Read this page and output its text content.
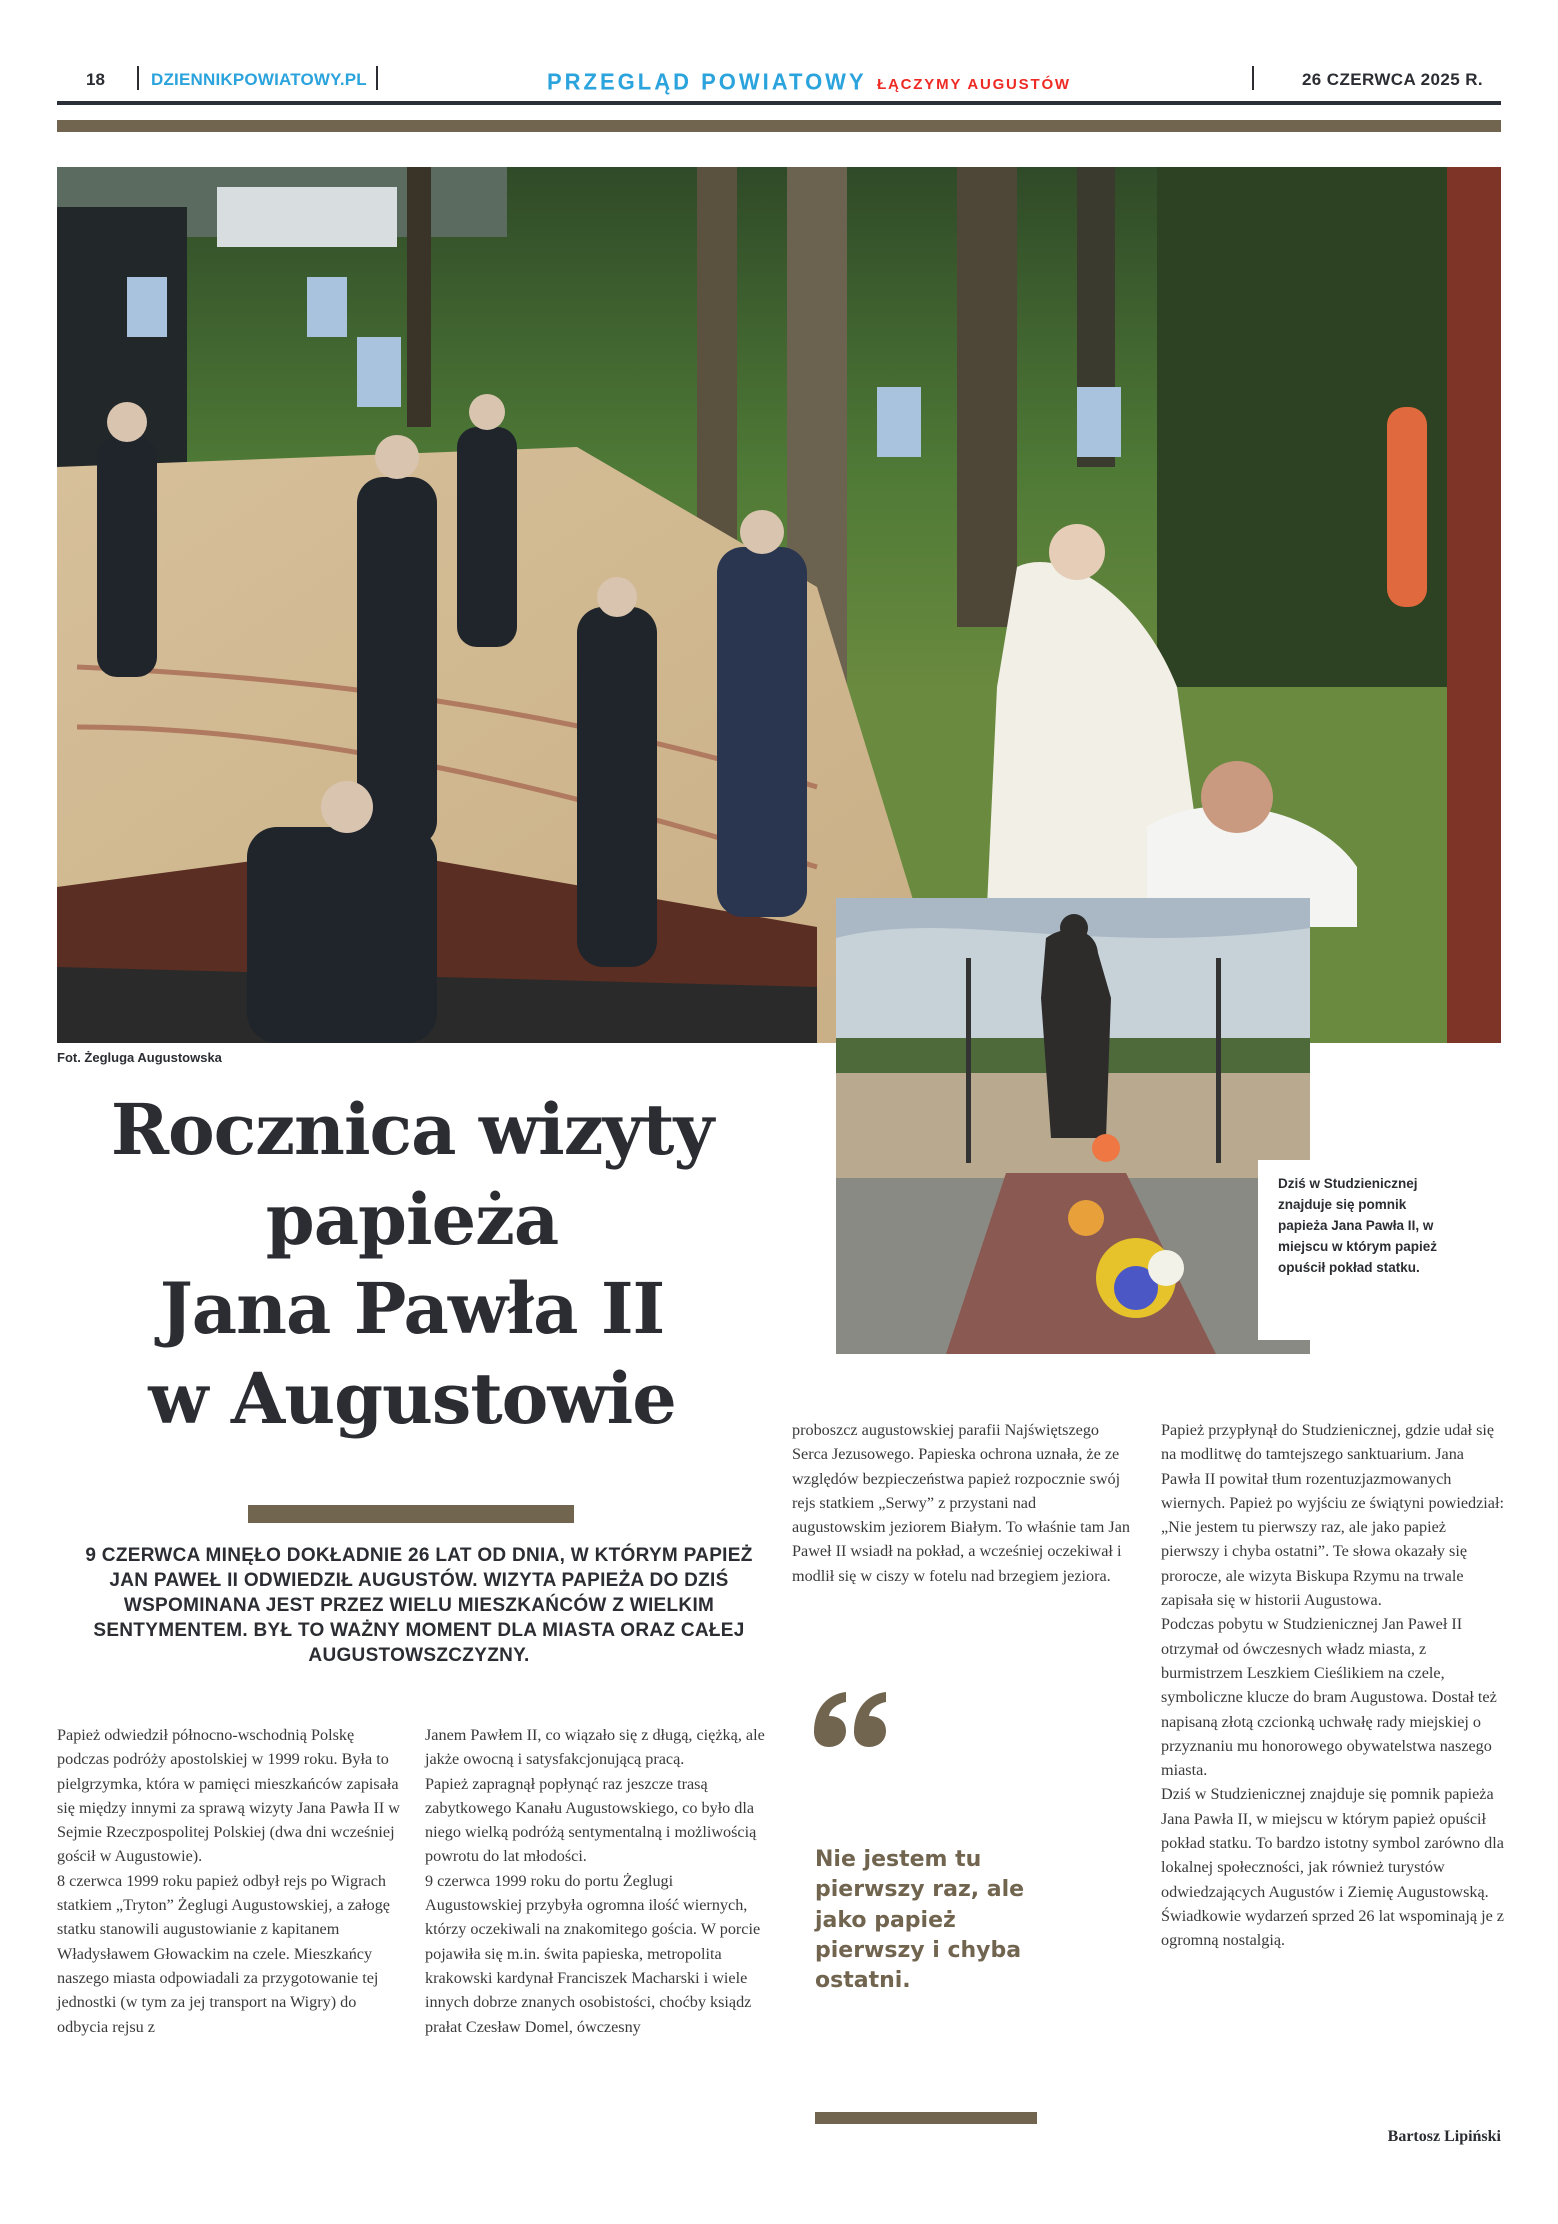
18	DZIENNIKPOWIATOWY.PL	PRZEGLĄD POWIATOWY ŁĄCZYMY AUGUSTÓW	26 CZERWCA 2025 R.
Fot. Żegluga Augustowska
Dziś w Studzienicznej znajduje się pomnik papieża Jana Pawła II, w miejscu w którym papież opuścił pokład statku.
Rocznica wizyty
papieża
Jana Pawła II
w Augustowie
9 CZERWCA MINĘŁO DOKŁADNIE 26 LAT OD DNIA, W KTÓRYM PAPIEŻ JAN PAWEŁ II ODWIEDZIŁ AUGUSTÓW. WIZYTA PAPIEŻA DO DZIŚ WSPOMINANA JEST PRZEZ WIELU MIESZKAŃCÓW Z WIELKIM SENTYMENTEM. BYŁ TO WAŻNY MOMENT DLA MIASTA ORAZ CAŁEJ AUGUSTOWSZCZYZNY.

Papież odwiedził północno-wschodnią Polskę podczas podróży apostolskiej w 1999 roku. Była to pielgrzymka, która w pamięci mieszkańców zapisała się między innymi za sprawą wizyty Jana Pawła II w Sejmie Rzeczpospolitej Polskiej (dwa dni wcześniej gościł w Augustowie).

8 czerwca 1999 roku papież odbył rejs po Wigrach statkiem „Tryton” Żeglugi Augustowskiej, a załogę statku stanowili augustowianie z kapitanem Władysławem Głowackim na czele. Mieszkańcy naszego miasta odpowiadali za przygotowanie tej jednostki (w tym za jej transport na Wigry) do odbycia rejsu z

Janem Pawłem II, co wiązało się z długą, ciężką, ale jakże owocną i satysfakcjonującą pracą.

Papież zapragnął popłynąć raz jeszcze trasą zabytkowego Kanału Augustowskiego, co było dla niego wielką podróżą sentymentalną i możliwością powrotu do lat młodości.

9 czerwca 1999 roku do portu Żeglugi Augustowskiej przybyła ogromna ilość wiernych, którzy oczekiwali na znakomitego gościa. W porcie pojawiła się m.in. świta papieska, metropolita krakowski kardynał Franciszek Macharski i wiele innych dobrze znanych osobistości, choćby ksiądz prałat Czesław Domel, ówczesny

proboszcz augustowskiej parafii Najświętszego Serca Jezusowego. Papieska ochrona uznała, że ze względów bezpieczeństwa papież rozpocznie swój rejs statkiem „Serwy” z przystani nad augustowskim jeziorem Białym. To właśnie tam Jan Paweł II wsiadł na pokład, a wcześniej oczekiwał i modlił się w ciszy w fotelu nad brzegiem jeziora.

Papież przypłynął do Studzienicznej, gdzie udał się na modlitwę do tamtejszego sanktuarium. Jana Pawła II powitał tłum rozentuzjazmowanych wiernych. Papież po wyjściu ze świątyni powiedział: „Nie jestem tu pierwszy raz, ale jako papież pierwszy i chyba ostatni”. Te słowa okazały się prorocze, ale wizyta Biskupa Rzymu na trwale zapisała się w historii Augustowa.

Podczas pobytu w Studzienicznej Jan Paweł II otrzymał od ówczesnych władz miasta, z burmistrzem Leszkiem Cieślikiem na czele, symboliczne klucze do bram Augustowa. Dostał też napisaną złotą czcionką uchwałę rady miejskiej o przyznaniu mu honorowego obywatelstwa naszego miasta.

Dziś w Studzienicznej znajduje się pomnik papieża Jana Pawła II, w miejscu w którym papież opuścił pokład statku. To bardzo istotny symbol zarówno dla lokalnej społeczności, jak również turystów odwiedzających Augustów i Ziemię Augustowską. Świadkowie wydarzeń sprzed 26 lat wspominają je z ogromną nostalgią.

Bartosz Lipiński
Nie jestem tu pierwszy raz, ale jako papież pierwszy i chyba ostatni.
